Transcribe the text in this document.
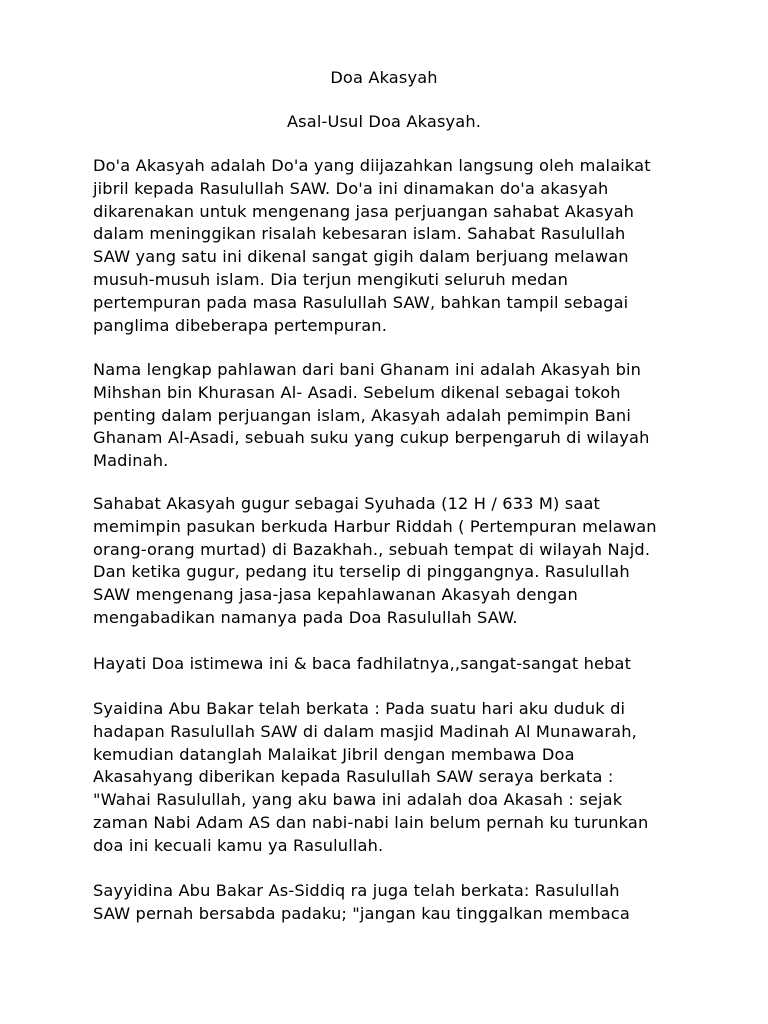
Doa Akasyah
Asal-Usul Doa Akasyah.

Do'a Akasyah adalah Do'a yang diijazahkan langsung oleh malaikat
jibril kepada Rasulullah SAW. Do'a ini dinamakan do'a akasyah
dikarenakan untuk mengenang jasa perjuangan sahabat Akasyah
dalam meninggikan risalah kebesaran islam. Sahabat Rasulullah
SAW yang satu ini dikenal sangat gigih dalam berjuang melawan
musuh-musuh islam. Dia terjun mengikuti seluruh medan
pertempuran pada masa Rasulullah SAW, bahkan tampil sebagai
panglima dibeberapa pertempuran.

Nama lengkap pahlawan dari bani Ghanam ini adalah Akasyah bin
Mihshan bin Khurasan Al- Asadi. Sebelum dikenal sebagai tokoh
penting dalam perjuangan islam, Akasyah adalah pemimpin Bani
Ghanam Al-Asadi, sebuah suku yang cukup berpengaruh di wilayah
Madinah.

Sahabat Akasyah gugur sebagai Syuhada (12 H / 633 M) saat
memimpin pasukan berkuda Harbur Riddah ( Pertempuran melawan
orang-orang murtad) di Bazakhah., sebuah tempat di wilayah Najd.
Dan ketika gugur, pedang itu terselip di pinggangnya. Rasulullah
SAW mengenang jasa-jasa kepahlawanan Akasyah dengan
mengabadikan namanya pada Doa Rasulullah SAW.

Hayati Doa istimewa ini & baca fadhilatnya,,sangat-sangat hebat

Syaidina Abu Bakar telah berkata : Pada suatu hari aku duduk di
hadapan Rasulullah SAW di dalam masjid Madinah Al Munawarah,
kemudian datanglah Malaikat Jibril dengan membawa Doa
Akasahyang diberikan kepada Rasulullah SAW seraya berkata :
"Wahai Rasulullah, yang aku bawa ini adalah doa Akasah : sejak
zaman Nabi Adam AS dan nabi-nabi lain belum pernah ku turunkan
doa ini kecuali kamu ya Rasulullah.

Sayyidina Abu Bakar As-Siddiq ra juga telah berkata: Rasulullah
SAW pernah bersabda padaku; "jangan kau tinggalkan membaca
